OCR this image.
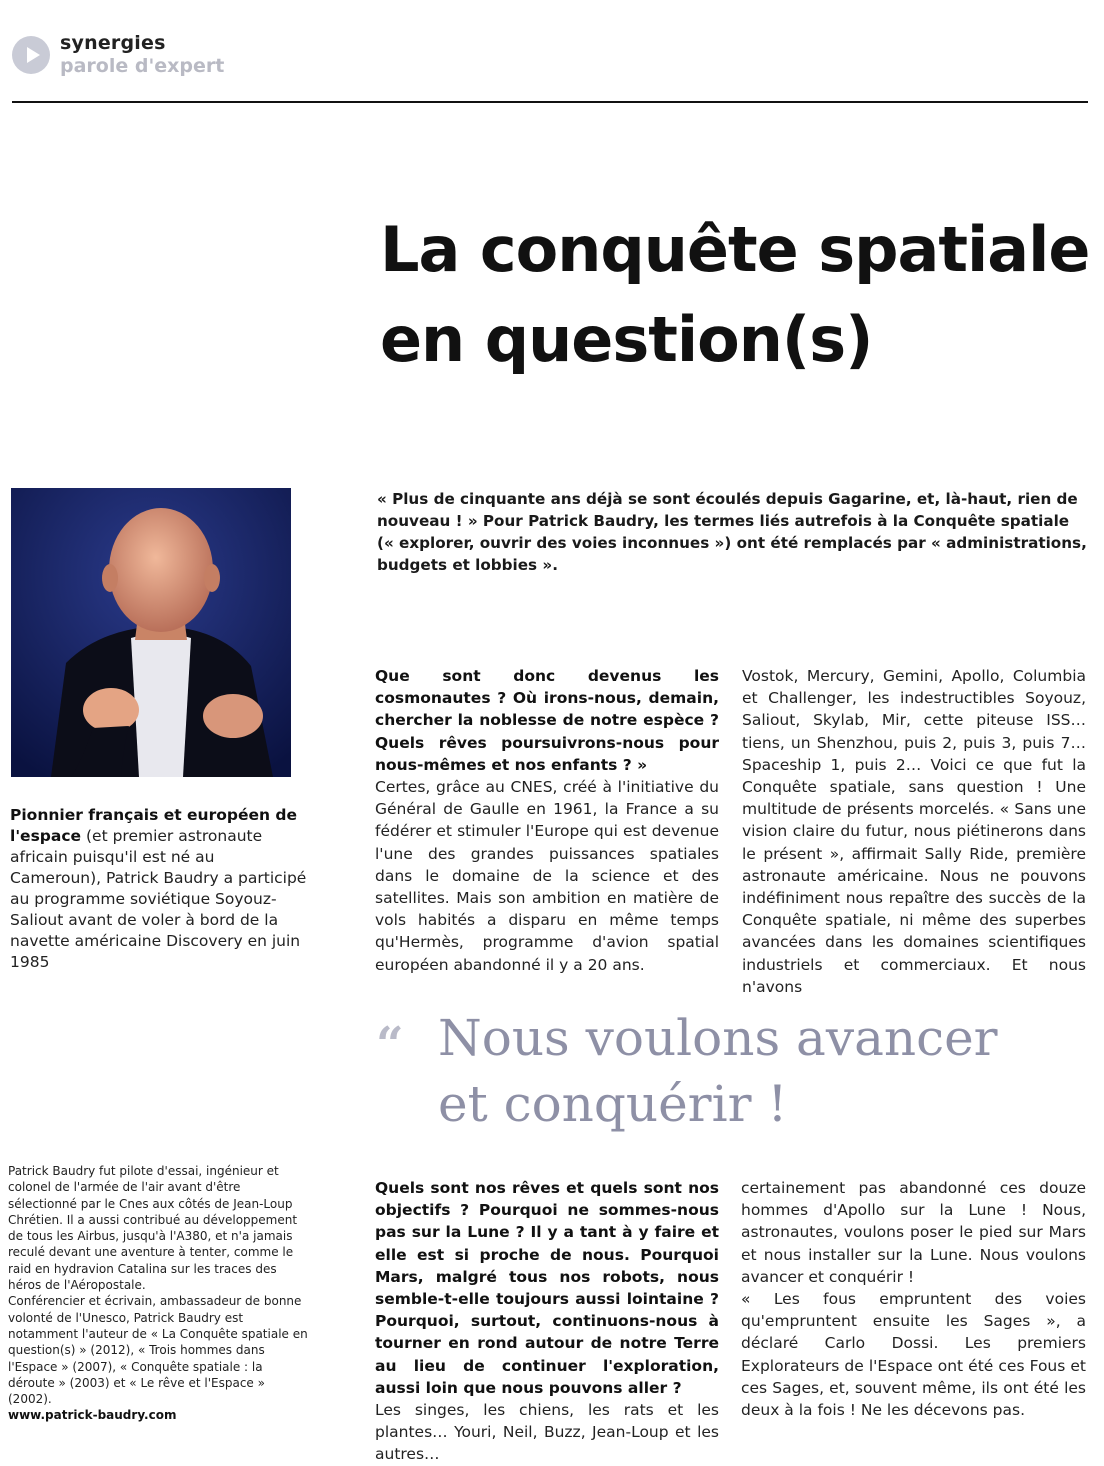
synergies
parole d'expert
La conquête spatiale
en question(s)
Pionnier français et européen de l'espace (et premier astronaute africain puisqu'il est né au Cameroun), Patrick Baudry a participé au programme soviétique Soyouz-Saliout avant de voler à bord de la navette américaine Discovery en juin 1985
« Plus de cinquante ans déjà se sont écoulés depuis Gagarine, et, là-haut, rien de nouveau ! » Pour Patrick Baudry, les termes liés autrefois à la Conquête spatiale (« explorer, ouvrir des voies inconnues ») ont été remplacés par « administrations, budgets et lobbies ».

Que sont donc devenus les cosmonautes ? Où irons-nous, demain, chercher la noblesse de notre espèce ? Quels rêves poursuivrons-nous pour nous-mêmes et nos enfants ? »

Certes, grâce au CNES, créé à l'initiative du Général de Gaulle en 1961, la France a su fédérer et stimuler l'Europe qui est devenue l'une des grandes puissances spatiales dans le domaine de la science et des satellites. Mais son ambition en matière de vols habités a disparu en même temps qu'Hermès, programme d'avion spatial européen abandonné il y a 20 ans.

Vostok, Mercury, Gemini, Apollo, Columbia et Challenger, les indestructibles Soyouz, Saliout, Skylab, Mir, cette piteuse ISS… tiens, un Shenzhou, puis 2, puis 3, puis 7… Spaceship 1, puis 2… Voici ce que fut la Conquête spatiale, sans question ! Une multitude de présents morcelés. « Sans une vision claire du futur, nous piétinerons dans le présent », affirmait Sally Ride, première astronaute américaine. Nous ne pouvons indéfiniment nous repaître des succès de la Conquête spatiale, ni même des superbes avancées dans les domaines scientifiques industriels et commerciaux. Et nous n'avons

“ Nous voulons avancer
et conquérir !

Quels sont nos rêves et quels sont nos objectifs ? Pourquoi ne sommes-nous pas sur la Lune ? Il y a tant à y faire et elle est si proche de nous. Pourquoi Mars, malgré tous nos robots, nous semble-t-elle toujours aussi lointaine ? Pourquoi, surtout, continuons-nous à tourner en rond autour de notre Terre au lieu de continuer l'exploration, aussi loin que nous pouvons aller ?

Les singes, les chiens, les rats et les plantes… Youri, Neil, Buzz, Jean-Loup et les autres…

certainement pas abandonné ces douze hommes d'Apollo sur la Lune ! Nous, astronautes, voulons poser le pied sur Mars et nous installer sur la Lune. Nous voulons avancer et conquérir !

« Les fous empruntent des voies qu'empruntent ensuite les Sages », a déclaré Carlo Dossi. Les premiers Explorateurs de l'Espace ont été ces Fous et ces Sages, et, souvent même, ils ont été les deux à la fois ! Ne les décevons pas.

Patrick Baudry fut pilote d'essai, ingénieur et colonel de l'armée de l'air avant d'être sélectionné par le Cnes aux côtés de Jean-Loup Chrétien. Il a aussi contribué au développement de tous les Airbus, jusqu'à l'A380, et n'a jamais reculé devant une aventure à tenter, comme le raid en hydravion Catalina sur les traces des héros de l'Aéropostale.

Conférencier et écrivain, ambassadeur de bonne volonté de l'Unesco, Patrick Baudry est notamment l'auteur de « La Conquête spatiale en question(s) » (2012), « Trois hommes dans l'Espace » (2007), « Conquête spatiale : la déroute » (2003) et « Le rêve et l'Espace » (2002).

www.patrick-baudry.com
